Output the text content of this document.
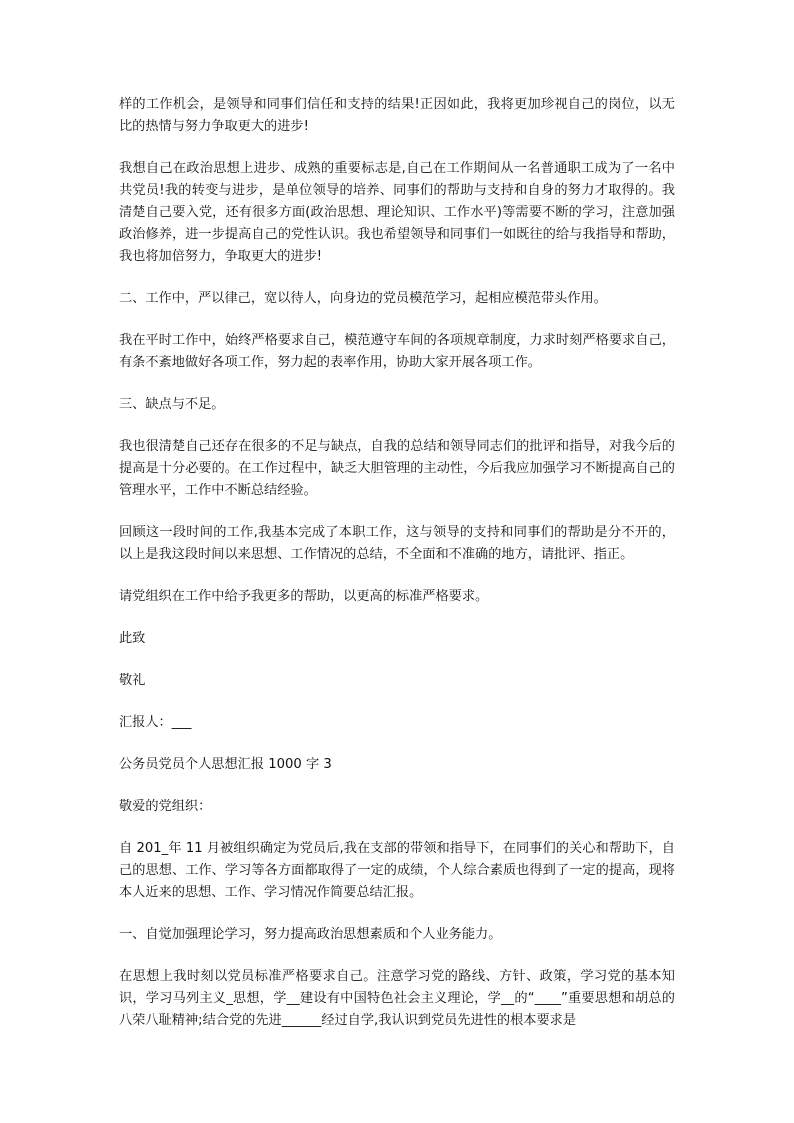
样的工作机会，是领导和同事们信任和支持的结果!正因如此，我将更加珍视自己的岗位，以无比的热情与努力争取更大的进步!

我想自己在政治思想上进步、成熟的重要标志是,自己在工作期间从一名普通职工成为了一名中共党员!我的转变与进步，是单位领导的培养、同事们的帮助与支持和自身的努力才取得的。我清楚自己要入党，还有很多方面(政治思想、理论知识、工作水平)等需要不断的学习，注意加强政治修养，进一步提高自己的党性认识。我也希望领导和同事们一如既往的给与我指导和帮助，我也将加倍努力，争取更大的进步!

二、工作中，严以律己，宽以待人，向身边的党员模范学习，起相应模范带头作用。

我在平时工作中，始终严格要求自己，模范遵守车间的各项规章制度，力求时刻严格要求自己，有条不紊地做好各项工作，努力起的表率作用，协助大家开展各项工作。

三、缺点与不足。

我也很清楚自己还存在很多的不足与缺点，自我的总结和领导同志们的批评和指导，对我今后的提高是十分必要的。在工作过程中，缺乏大胆管理的主动性，今后我应加强学习不断提高自己的管理水平，工作中不断总结经验。

回顾这一段时间的工作,我基本完成了本职工作，这与领导的支持和同事们的帮助是分不开的，以上是我这段时间以来思想、工作情况的总结，不全面和不准确的地方，请批评、指正。

请党组织在工作中给予我更多的帮助，以更高的标准严格要求。

此致

敬礼

汇报人：___

公务员党员个人思想汇报 1000 字 3

敬爱的党组织：

自 201_年 11 月被组织确定为党员后,我在支部的带领和指导下，在同事们的关心和帮助下，自己的思想、工作、学习等各方面都取得了一定的成绩，个人综合素质也得到了一定的提高，现将本人近来的思想、工作、学习情况作简要总结汇报。

一、自觉加强理论学习，努力提高政治思想素质和个人业务能力。

在思想上我时刻以党员标准严格要求自己。注意学习党的路线、方针、政策，学习党的基本知识，学习马列主义_思想，学__建设有中国特色社会主义理论，学__的“____”重要思想和胡总的八荣八耻精神;结合党的先进______经过自学,我认识到党员先进性的根本要求是
